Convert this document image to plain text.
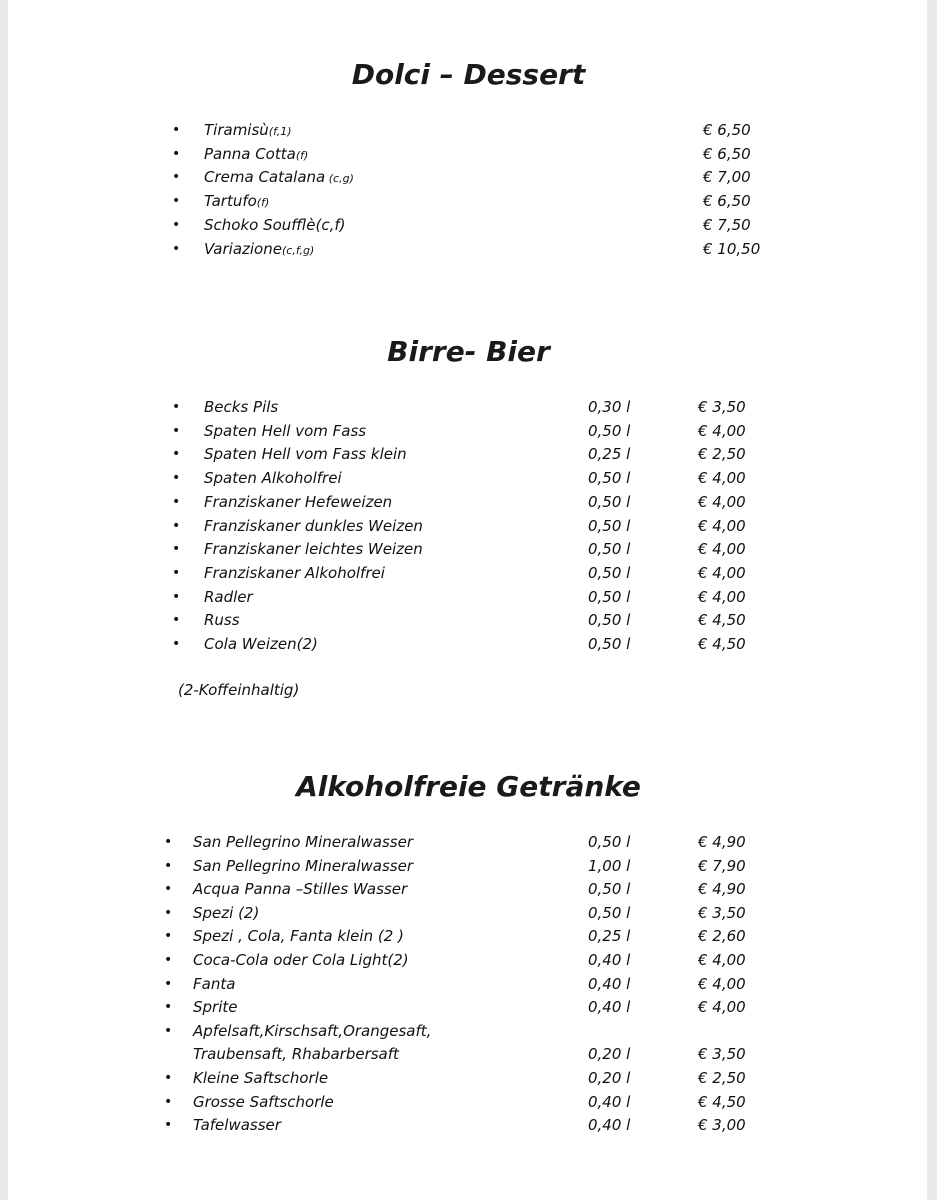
Dolci – Dessert
• Tiramisù(f,1)	€ 6,50
• Panna Cotta(f)	€ 6,50
• Crema Catalana (c,g)	€ 7,00
• Tartufo(f)	€ 6,50
• Schoko Soufflè(c,f)	€ 7,50
• Variazione(c,f,g)	€ 10,50
Birre- Bier
• Becks Pils	0,30 l	€ 3,50
• Spaten Hell vom Fass	0,50 l	€ 4,00
• Spaten Hell vom Fass klein	0,25 l	€ 2,50
• Spaten Alkoholfrei	0,50 l	€ 4,00
• Franziskaner Hefeweizen	0,50 l	€ 4,00
• Franziskaner dunkles Weizen	0,50 l	€ 4,00
• Franziskaner leichtes Weizen	0,50 l	€ 4,00
• Franziskaner Alkoholfrei	0,50 l	€ 4,00
• Radler	0,50 l	€ 4,00
• Russ	0,50 l	€ 4,50
• Cola Weizen(2)	0,50 l	€ 4,50
(2-Koffeinhaltig)
Alkoholfreie Getränke
• San Pellegrino Mineralwasser	0,50 l	€ 4,90
• San Pellegrino Mineralwasser	1,00 l	€ 7,90
• Acqua Panna –Stilles Wasser	0,50 l	€ 4,90
• Spezi (2)	0,50 l	€ 3,50
• Spezi , Cola, Fanta klein (2 )	0,25 l	€ 2,60
• Coca-Cola oder Cola Light(2)	0,40 l	€ 4,00
• Fanta	0,40 l	€ 4,00
• Sprite	0,40 l	€ 4,00
• Apfelsaft,Kirschsaft,Orangesaft,
Traubensaft, Rhabarbersaft	0,20 l	€ 3,50
• Kleine Saftschorle	0,20 l	€ 2,50
• Grosse Saftschorle	0,40 l	€ 4,50
• Tafelwasser	0,40 l	€ 3,00
